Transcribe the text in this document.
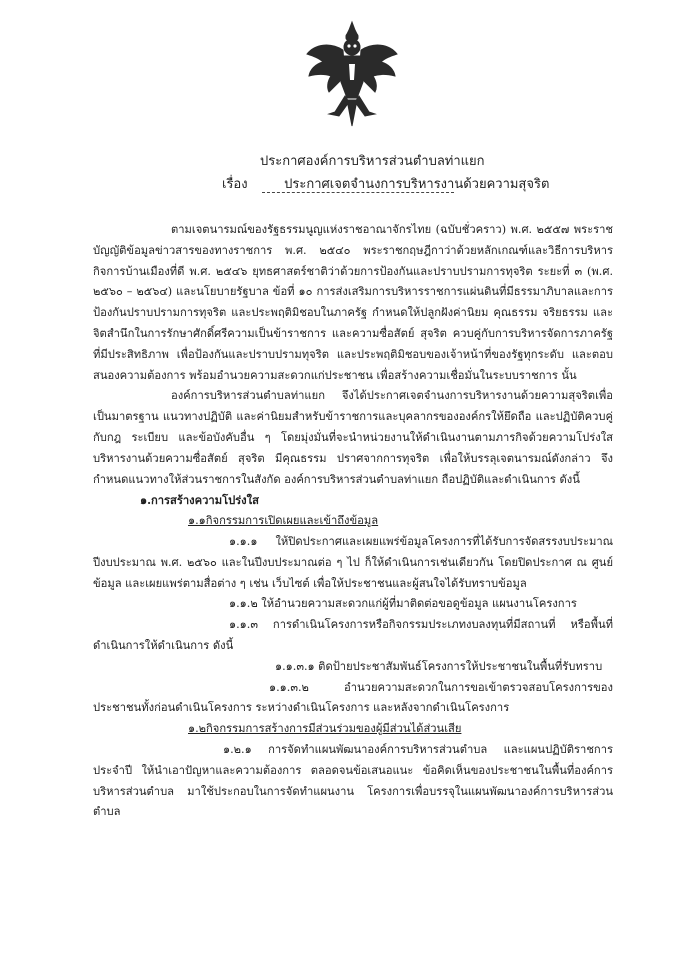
ประกาศองค์การบริหารส่วนตำบลท่าแยก
เรื่อง	ประกาศเจตจำนงการบริหารงานด้วยความสุจริต

ตามเจตนารมณ์ของรัฐธรรมนูญแห่งราชอาณาจักรไทย (ฉบับชั่วคราว) พ.ศ. ๒๕๕๗ พระราชบัญญัติข้อมูลข่าวสารของทางราชการ พ.ศ. ๒๕๔๐ พระราชกฤษฎีกาว่าด้วยหลักเกณฑ์และวิธีการบริหารกิจการบ้านเมืองที่ดี พ.ศ. ๒๕๔๖ ยุทธศาสตร์ชาติว่าด้วยการป้องกันและปราบปรามการทุจริต ระยะที่ ๓ (พ.ศ. ๒๕๖๐ – ๒๕๖๔) และนโยบายรัฐบาล ข้อที่ ๑๐ การส่งเสริมการบริหารราชการแผ่นดินที่มีธรรมาภิบาลและการป้องกันปราบปรามการทุจริต และประพฤติมิชอบในภาครัฐ กำหนดให้ปลูกฝังค่านิยม คุณธรรม จริยธรรม และจิตสำนึกในการรักษาศักดิ์ศรีความเป็นข้าราชการ และความซื่อสัตย์ สุจริต ควบคู่กับการบริหารจัดการภาครัฐ ที่มีประสิทธิภาพ เพื่อป้องกันและปราบปรามทุจริต และประพฤติมิชอบของเจ้าหน้าที่ของรัฐทุกระดับ และตอบสนองความต้องการ พร้อมอำนวยความสะดวกแก่ประชาชน เพื่อสร้างความเชื่อมั่นในระบบราชการ นั้น

องค์การบริหารส่วนตำบลท่าแยก จึงได้ประกาศเจตจำนงการบริหารงานด้วยความสุจริตเพื่อเป็นมาตรฐาน แนวทางปฏิบัติ และค่านิยมสำหรับข้าราชการและบุคลากรขององค์กรให้ยึดถือ และปฏิบัติควบคู่กับกฎ ระเบียบ และข้อบังคับอื่น ๆ โดยมุ่งมั่นที่จะนำหน่วยงานให้ดำเนินงานตามภารกิจด้วยความโปร่งใส บริหารงานด้วยความซื่อสัตย์ สุจริต มีคุณธรรม ปราศจากการทุจริต เพื่อให้บรรลุเจตนารมณ์ดังกล่าว จึงกำหนดแนวทางให้ส่วนราชการในสังกัด องค์การบริหารส่วนตำบลท่าแยก ถือปฏิบัติและดำเนินการ ดังนี้

๑.การสร้างความโปร่งใส

๑.๑กิจกรรมการเปิดเผยและเข้าถึงข้อมูล

๑.๑.๑ ให้ปิดประกาศและเผยแพร่ข้อมูลโครงการที่ได้รับการจัดสรรงบประมาณ ปีงบประมาณ พ.ศ. ๒๕๖๐ และในปีงบประมาณต่อ ๆ ไป ก็ให้ดำเนินการเช่นเดียวกัน โดยปิดประกาศ ณ ศูนย์ข้อมูล และเผยแพร่ตามสื่อต่าง ๆ เช่น เว็บไซต์ เพื่อให้ประชาชนและผู้สนใจได้รับทราบข้อมูล

๑.๑.๒ ให้อำนวยความสะดวกแก่ผู้ที่มาติดต่อขอดูข้อมูล แผนงานโครงการ

๑.๑.๓ การดำเนินโครงการหรือกิจกรรมประเภทงบลงทุนที่มีสถานที่ หรือพื้นที่ดำเนินการให้ดำเนินการ ดังนี้

๑.๑.๓.๑ ติดป้ายประชาสัมพันธ์โครงการให้ประชาชนในพื้นที่รับทราบ

๑.๑.๓.๒ อำนวยความสะดวกในการขอเข้าตรวจสอบโครงการของประชาชนทั้งก่อนดำเนินโครงการ ระหว่างดำเนินโครงการ และหลังจากดำเนินโครงการ

๑.๒กิจกรรมการสร้างการมีส่วนร่วมของผู้มีส่วนได้ส่วนเสีย

๑.๒.๑ การจัดทำแผนพัฒนาองค์การบริหารส่วนตำบล และแผนปฏิบัติราชการประจำปี ให้นำเอาปัญหาและความต้องการ ตลอดจนข้อเสนอแนะ ข้อคิดเห็นของประชาชนในพื้นที่องค์การบริหารส่วนตำบล มาใช้ประกอบในการจัดทำแผนงาน โครงการเพื่อบรรจุในแผนพัฒนาองค์การบริหารส่วนตำบล
